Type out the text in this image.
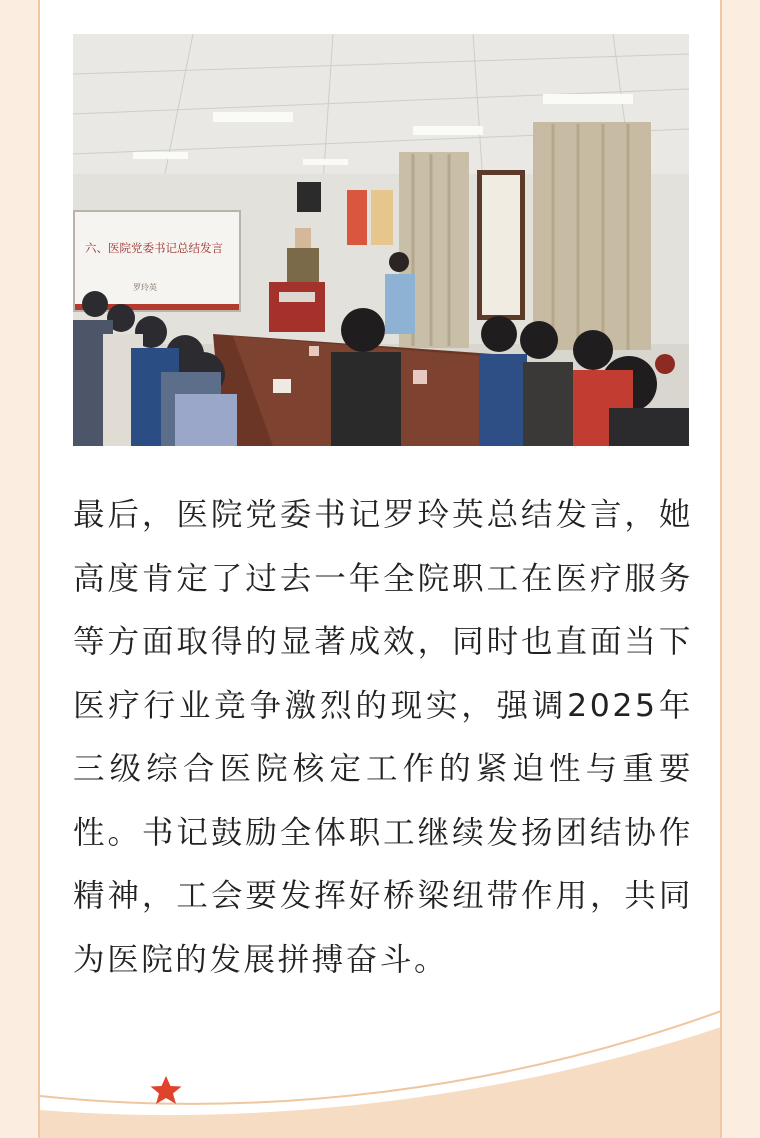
六、医院党委书记总结发言
罗玲英

最后，医院党委书记罗玲英总结发言，她高度肯定了过去一年全院职工在医疗服务等方面取得的显著成效，同时也直面当下医疗行业竞争激烈的现实，强调2025年三级综合医院核定工作的紧迫性与重要性。书记鼓励全体职工继续发扬团结协作精神，工会要发挥好桥梁纽带作用，共同为医院的发展拼搏奋斗。
